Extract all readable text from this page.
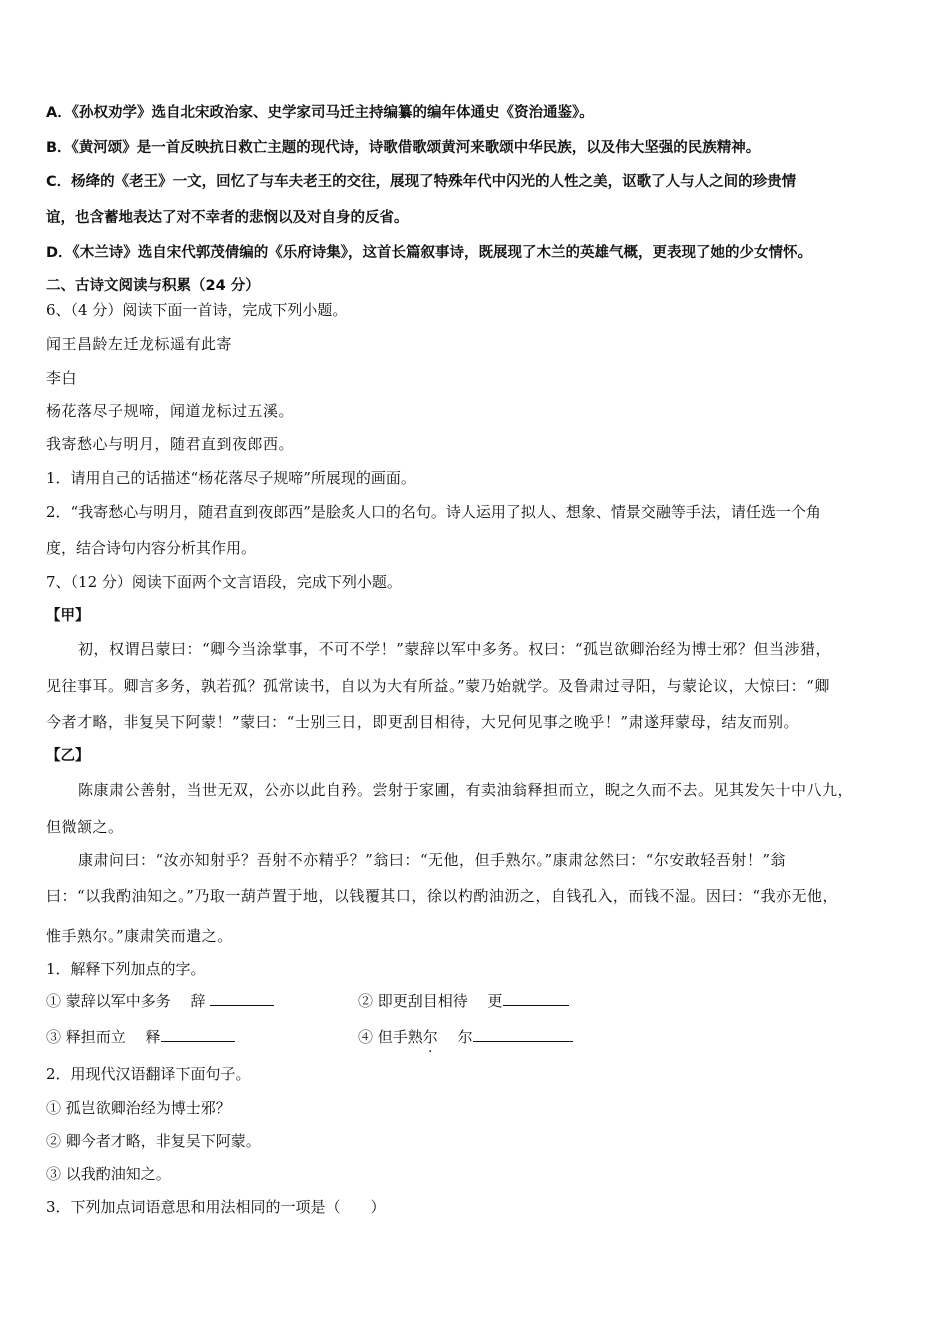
A．《孙权劝学》选自北宋政治家、史学家司马迁主持编纂的编年体通史《资治通鉴》。
B．《黄河颂》是一首反映抗日救亡主题的现代诗，诗歌借歌颂黄河来歌颂中华民族，以及伟大坚强的民族精神。
C．杨绛的《老王》一文，回忆了与车夫老王的交往，展现了特殊年代中闪光的人性之美，讴歌了人与人之间的珍贵情
谊，也含蓄地表达了对不幸者的悲悯以及对自身的反省。
D．《木兰诗》选自宋代郭茂倩编的《乐府诗集》，这首长篇叙事诗，既展现了木兰的英雄气概，更表现了她的少女情怀。
二、古诗文阅读与积累（24 分）
6、（4 分）阅读下面一首诗，完成下列小题。
闻王昌龄左迁龙标遥有此寄
李白
杨花落尽子规啼，闻道龙标过五溪。
我寄愁心与明月，随君直到夜郎西。
1．请用自己的话描述“杨花落尽子规啼”所展现的画面。
2．“我寄愁心与明月，随君直到夜郎西”是脍炙人口的名句。诗人运用了拟人、想象、情景交融等手法，请任选一个角
度，结合诗句内容分析其作用。
7、（12 分）阅读下面两个文言语段，完成下列小题。
【甲】
初，权谓吕蒙曰：“卿今当涂掌事，不可不学！”蒙辞以军中多务。权曰：“孤岂欲卿治经为博士邪？但当涉猎，
见往事耳。卿言多务，孰若孤？孤常读书，自以为大有所益。”蒙乃始就学。及鲁肃过寻阳，与蒙论议，大惊曰：“卿
今者才略，非复吴下阿蒙！”蒙曰：“士别三日，即更刮目相待，大兄何见事之晚乎！”肃遂拜蒙母，结友而别。
【乙】
陈康肃公善射，当世无双，公亦以此自矜。尝射于家圃，有卖油翁释担而立，睨之久而不去。见其发矢十中八九，
但微颔之。
康肃问曰：“汝亦知射乎？吾射不亦精乎？”翁曰：“无他，但手熟尔。”康肃忿然曰：“尔安敢轻吾射！”翁
曰：“以我酌油知之。”乃取一葫芦置于地，以钱覆其口，徐以杓酌油沥之，自钱孔入，而钱不湿。因曰：“我亦无他，
惟手熟尔。”康肃笑而遣之。
1．解释下列加点的字。
① 蒙辞以军中多务　 辞	② 即更刮目相待　 更
③ 释担而立　 释	④ 但手熟尔　 尔
2．用现代汉语翻译下面句子。
① 孤岂欲卿治经为博士邪？
② 卿今者才略，非复吴下阿蒙。
③ 以我酌油知之。
3．下列加点词语意思和用法相同的一项是（　　）
